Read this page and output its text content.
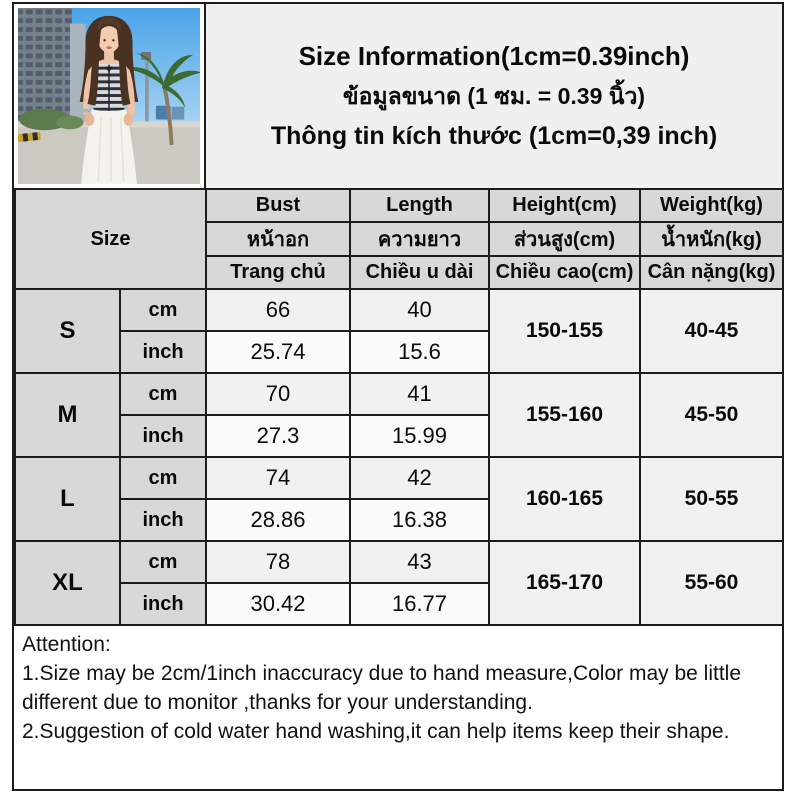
Size Information(1cm=0.39inch)
ข้อมูลขนาด (1 ซม. = 0.39 นิ้ว)
Thông tin kích thước (1cm=0,39 inch)
Size		Bust	Length	Height(cm)	Weight(kg)
		หน้าอก	ความยาว	ส่วนสูง(cm)	น้ำหนัก(kg)
		Trang chủ	Chiều u dài	Chiều cao(cm)	Cân nặng(kg)
S	cm	66	40	150-155	40-45
	inch	25.74	15.6		
M	cm	70	41	155-160	45-50
	inch	27.3	15.99		
L	cm	74	42	160-165	50-55
	inch	28.86	16.38		
XL	cm	78	43	165-170	55-60
	inch	30.42	16.77		
Attention:
1.Size may be 2cm/1inch inaccuracy due to hand measure,Color may be little different due to monitor ,thanks for your understanding.
2.Suggestion of cold water hand washing,it can help items keep their shape.
